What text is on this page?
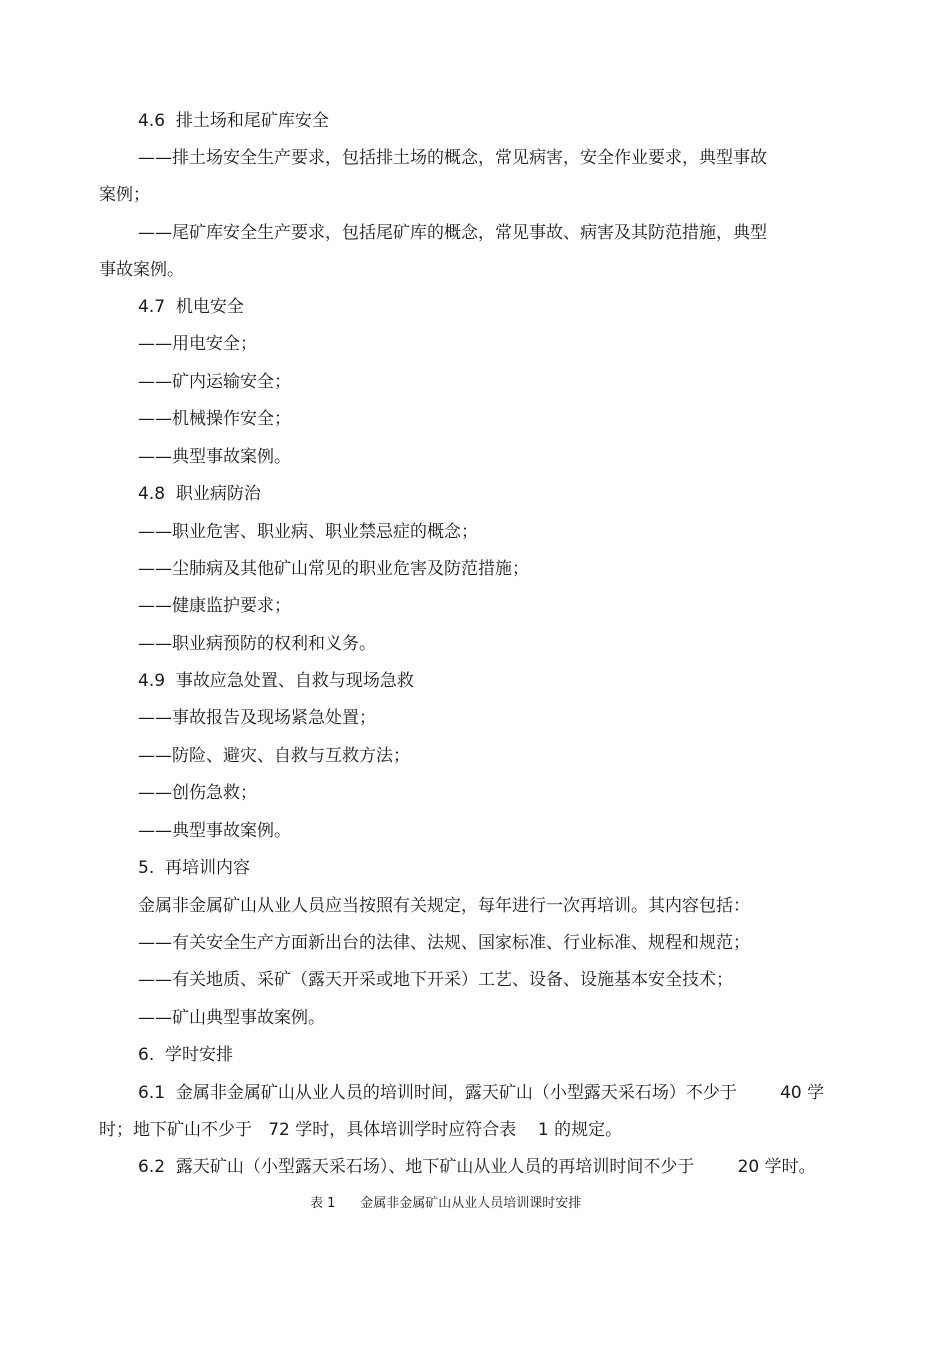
4.6  排土场和尾矿库安全
——排土场安全生产要求，包括排土场的概念，常见病害，安全作业要求，典型事故
案例；
——尾矿库安全生产要求，包括尾矿库的概念，常见事故、病害及其防范措施，典型
事故案例。
4.7  机电安全
——用电安全；
——矿内运输安全；
——机械操作安全；
——典型事故案例。
4.8  职业病防治
——职业危害、职业病、职业禁忌症的概念；
——尘肺病及其他矿山常见的职业危害及防范措施；
——健康监护要求；
——职业病预防的权利和义务。
4.9  事故应急处置、自救与现场急救
——事故报告及现场紧急处置；
——防险、避灾、自救与互救方法；
——创伤急救；
——典型事故案例。
5.  再培训内容
金属非金属矿山从业人员应当按照有关规定，每年进行一次再培训。其内容包括：
——有关安全生产方面新出台的法律、法规、国家标准、行业标准、规程和规范；
——有关地质、采矿（露天开采或地下开采）工艺、设备、设施基本安全技术；
——矿山典型事故案例。
6.  学时安排
6.1  金属非金属矿山从业人员的培训时间，露天矿山（小型露天采石场）不少于        40 学
时；地下矿山不少于   72 学时，具体培训学时应符合表    1 的规定。
6.2  露天矿山（小型露天采石场）、地下矿山从业人员的再培训时间不少于        20 学时。
表 1      金属非金属矿山从业人员培训课时安排
